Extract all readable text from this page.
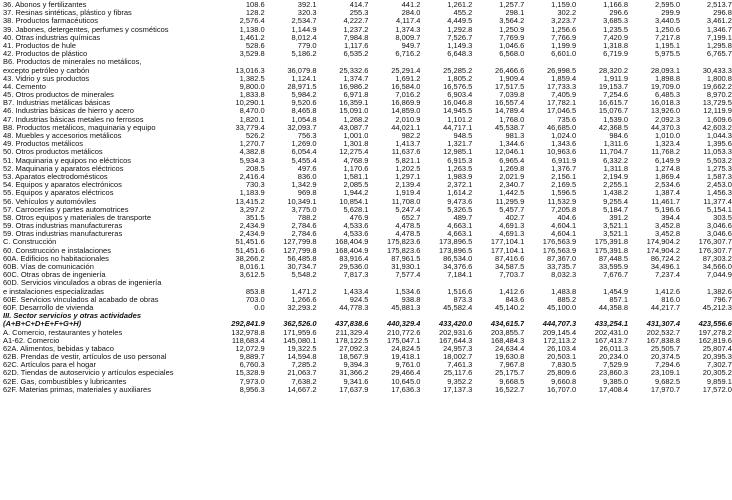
36. Abonos y fertilizantes	108.6	392.1	414.7	441.2	1,261.2	1,257.7	1,159.0	1,166.8	2,595.0	2,513.7
37. Resinas sintéticas, plástico y fibras	128.2	320.3	255.3	284.0	455.2	298.1	302.2	296.6	299.9	296.8
38. Productos farmacéuticos	2,576.4	2,534.7	4,222.7	4,117.4	4,449.5	3,564.2	3,223.7	3,685.3	3,440.5	3,461.2
39. Jabones, detergentes, perfumes y cosméticos	1,138.0	1,144.9	1,237.2	1,374.3	1,292.8	1,250.9	1,256.6	1,235.5	1,250.6	1,346.7
40. Otras industrias químicas	1,461.2	8,012.4	7,984.8	8,009.7	7,526.7	7,769.9	7,766.9	7,420.9	7,217.8	7,199.1
41. Productos de hule	528.6	779.0	1,117.6	949.7	1,149.3	1,046.6	1,199.9	1,318.8	1,195.1	1,295.8
42. Productos de plástico	3,529.8	5,186.2	6,535.2	6,716.2	6,648.3	6,568.0	6,601.0	6,719.9	5,975.5	6,765.7
B6. Productos de minerales no metálicos,
excepto petróleo y carbón	13,016.3	36,079.8	25,332.6	25,291.4	25,285.2	26,466.6	26,998.5	28,320.2	28,093.1	30,433.3
43. Vidrio y sus productos	1,382.5	1,124.1	1,374.7	1,691.2	1,805.2	1,909.4	1,859.4	1,911.9	1,898.8	1,800.8
44. Cemento	9,800.0	28,971.5	16,986.2	16,584.0	16,576.5	17,517.5	17,733.3	19,153.7	19,709.0	19,662.2
45. Otros productos de minerales	1,833.8	5,984.2	6,971.8	7,016.2	6,903.4	7,039.8	7,405.9	7,254.6	6,485.3	8,970.2
B7. Industrias metálicas básicas	10,290.1	9,520.6	16,359.1	16,869.9	16,046.8	16,557.4	17,782.1	16,615.7	16,018.3	13,729.5
46. Industrias básicas de hierro y acero	8,470.0	8,465.8	15,091.0	14,859.0	14,945.5	14,789.4	17,046.5	15,076.7	13,926.0	12,119.9
47. Industrias básicas metales no ferrosos	1,820.1	1,054.8	1,268.2	2,010.9	1,101.2	1,768.0	735.6	1,539.0	2,092.3	1,609.6
B8. Productos metálicos, maquinaria y equipo	33,779.4	32,093.7	43,087.7	44,021.1	44,717.1	45,538.7	46,685.0	42,368.5	44,370.3	42,603.2
48. Muebles y accesorios metálicos	526.2	756.3	1,001.0	982.2	948.5	981.3	1,024.0	984.6	1,010.0	1,044.3
49. Productos metálicos	1,270.7	1,269.0	1,301.8	1,413.7	1,321.7	1,344.6	1,343.6	1,311.6	1,323.4	1,395.6
50. Otros productos metálicos	4,382.8	6,054.4	12,275.4	11,637.6	12,985.1	12,046.1	10,963.6	11,704.7	11,768.2	11,053.3
51. Maquinaria y equipos no eléctricos	5,934.3	5,455.4	4,768.9	5,821.1	6,915.3	6,965.4	6,911.9	6,332.2	6,149.9	5,503.2
52. Maquinaria y aparatos eléctricos	208.5	497.6	1,170.6	1,202.5	1,263.5	1,269.8	1,376.7	1,311.8	1,274.8	1,275.3
53. Aparatos electrodomésticos	2,416.4	836.0	1,581.1	1,297.1	1,983.9	2,021.9	2,156.1	2,194.9	1,869.4	1,587.3
54. Equipos y aparatos electrónicos	730.3	1,342.9	2,085.5	2,139.4	2,372.1	2,340.7	2,169.5	2,255.1	2,534.6	2,453.0
55. Equipos y aparatos eléctricos	1,183.9	969.8	1,944.2	1,919.4	1,614.2	1,442.5	1,596.5	1,438.2	1,387.4	1,456.3
56. Vehículos y automóviles	13,415.2	10,349.1	10,854.1	11,708.0	9,473.6	11,295.9	11,532.9	9,255.4	11,461.7	11,377.4
57. Carrocerías y partes automotrices	3,297.2	3,775.0	5,628.1	5,247.4	5,326.5	5,457.7	7,205.8	5,184.7	5,196.6	5,154.1
58. Otros equipos y materiales de transporte	351.5	788.2	476.9	652.7	489.7	402.7	404.6	391.2	394.4	303.5
59. Otras industrias manufactureras	2,434.9	2,784.6	4,533.6	4,478.5	4,663.1	4,691.3	4,604.1	3,521.1	3,452.8	3,046.6
59. Otras industrias manufactureras	2,434.9	2,784.6	4,533.6	4,478.5	4,663.1	4,691.3	4,604.1	3,521.1	3,452.8	3,046.6
C. Construcción	51,451.6	127,799.8	168,404.9	175,823.6	173,896.5	177,104.1	176,563.9	175,391.8	174,904.2	176,307.7
60. Construcción e instalaciones	51,451.6	127,799.8	168,404.9	175,823.6	173,896.5	177,104.1	176,563.9	175,391.8	174,904.2	176,307.7
60A. Edificios no habitacionales	38,266.2	56,485.8	83,916.4	87,961.5	86,534.0	87,416.6	87,367.0	87,448.5	86,724.2	87,303.2
60B. Vías de comunicación	8,016.1	30,734.7	29,536.0	31,930.1	34,376.6	34,587.5	33,735.7	33,595.9	34,496.1	34,566.0
60C. Otras obras de ingeniería	3,612.5	5,548.2	7,817.3	7,577.4	7,184.1	7,703.7	8,032.3	7,676.7	7,237.4	7,044.9
60D. Servicios vinculados a obras de ingeniería
e instalaciones especializadas	853.8	1,471.2	1,433.4	1,534.6	1,516.6	1,412.6	1,483.8	1,454.9	1,412.6	1,382.6
60E. Servicios vinculados al acabado de obras	703.0	1,266.6	924.5	938.8	873.3	843.6	885.2	857.1	816.0	796.7
60F. Desarrollo de vivienda	0.0	32,293.2	44,778.3	45,881.3	45,582.4	45,140.2	45,100.0	44,358.8	44,217.7	45,212.3
III. Sector servicios y otras actividades
(A+B+C+D+E+F+G+H)	292,841.9	362,526.0	437,838.6	440,329.4	433,420.0	434,615.7	444,707.3	433,254.1	431,307.4	423,556.6
A. Comercio, restaurantes y hoteles	132,978.8	171,959.6	211,329.4	210,772.6	202,931.6	203,855.7	209,145.4	202,431.0	202,532.7	197,278.2
A1-62. Comercio	118,683.4	145,080.1	178,122.5	175,047.1	167,644.3	168,484.3	172,113.2	167,413.7	167,838.8	162,819.6
62A. Alimentos, bebidas y tabaco	12,072.9	19,322.5	27,092.3	24,824.5	24,957.3	24,634.4	26,103.4	26,011.3	25,505.7	25,807.4
62B. Prendas de vestir, artículos de uso personal	9,889.7	14,594.8	18,567.9	19,418.1	18,002.7	19,630.8	20,503.1	20,234.0	20,374.5	20,395.3
62C. Artículos para el hogar	6,760.3	7,285.2	9,394.3	9,761.0	7,461.3	7,967.8	7,830.5	7,529.9	7,294.6	7,302.7
62D. Tiendas de autoservicio y artículos especiales	15,328.9	21,063.7	31,366.2	29,466.4	25,117.6	25,175.7	25,809.6	23,860.3	23,109.1	20,305.2
62E. Gas, combustibles y lubricantes	7,973.0	7,638.2	9,341.6	10,645.0	9,352.2	9,668.5	9,660.8	9,385.0	9,682.5	9,859.1
62F. Materias primas, materiales y auxiliares	8,956.3	14,667.2	17,637.9	17,636.3	17,137.3	16,522.7	16,707.0	17,408.4	17,970.7	17,572.0
